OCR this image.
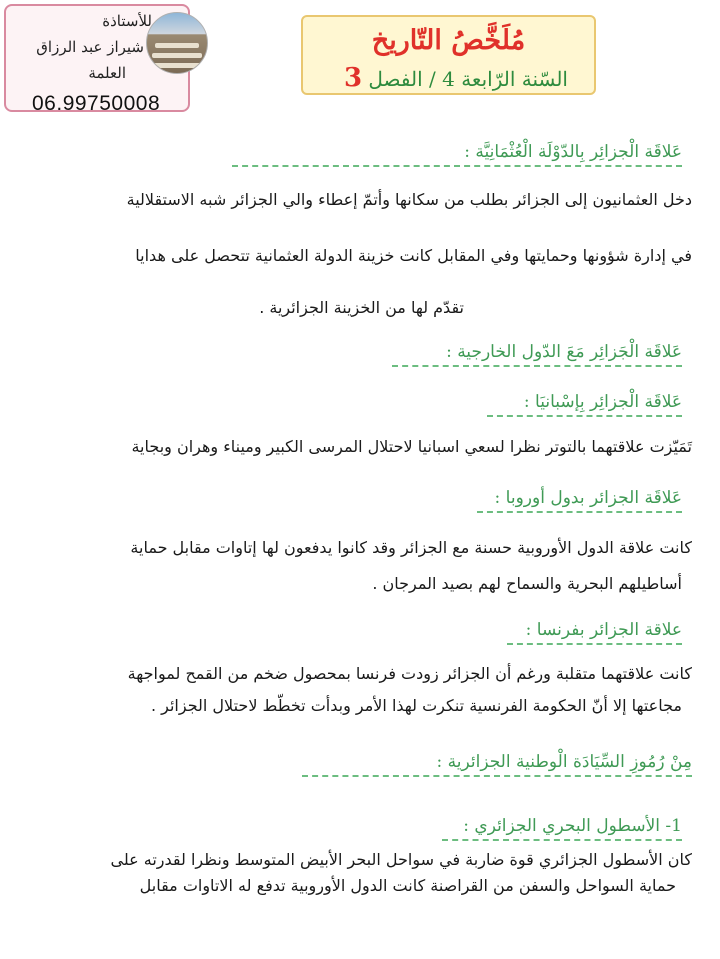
للأستاذة
شيراز عبد الرزاق
العلمة
06.99750008
مُلَخَّصُ التّاريخ
السّنة الرّابعة 4 / الفصل 3
عَلاقَة الْجزائِر بِالدّوْلَة الْعُثْمَانِيَّة :
دخل العثمانيون إلى الجزائر بطلب من سكانها وأتمّ إعطاء والي الجزائر شبه الاستقلالية
في إدارة شؤونها وحمايتها وفي المقابل كانت خزينة الدولة العثمانية تتحصل على هدايا
تقدّم لها من الخزينة الجزائرية .
عَلاقَة الْجَزائِر مَعَ الدّول الخارجية :
عَلاقَة الْجزائِر بِإسْبانيَا :
تَمَيّزت علاقتهما بالتوتر نظرا لسعي اسبانيا لاحتلال المرسى الكبير وميناء وهران وبجاية
عَلاقَة الجزائر بدول أوروبا :
كانت علاقة الدول الأوروبية حسنة مع الجزائر وقد كانوا يدفعون لها إتاوات مقابل حماية
أساطيلهم البحرية والسماح لهم بصيد المرجان .
علاقة الجزائر بفرنسا :
كانت علاقتهما متقلبة ورغم أن الجزائر زودت فرنسا بمحصول ضخم من القمح لمواجهة
مجاعتها إلا أنّ الحكومة الفرنسية تنكرت لهذا الأمر وبدأت تخطّط لاحتلال الجزائر .
مِنْ رُمُوزِ السِّيَادَة الْوطنية الجزائرية :
1- الأسطول البحري الجزائري :
كان الأسطول الجزائري قوة ضاربة في سواحل البحر الأبيض المتوسط ونظرا لقدرته على
حماية السواحل والسفن من القراصنة كانت الدول الأوروبية تدفع له الاتاوات مقابل
